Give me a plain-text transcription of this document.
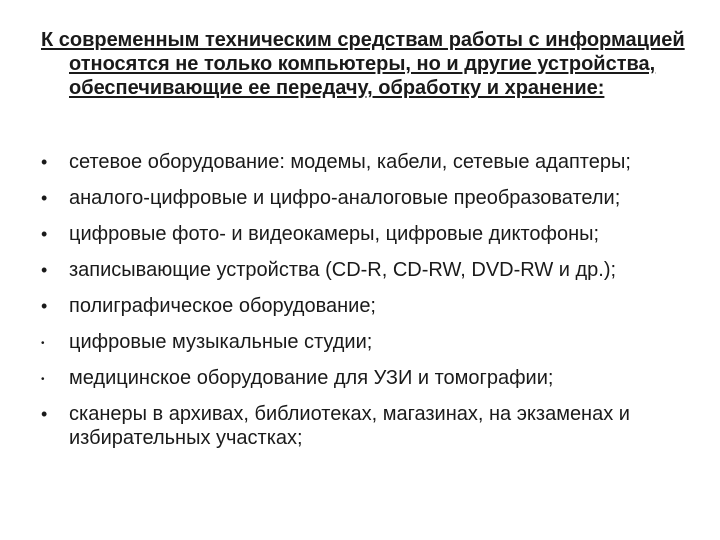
К современным техническим средствам работы с информацией относятся не только компьютеры, но и другие устройства, обеспечивающие ее передачу, обработку и хранение:

•	сетевое оборудование: модемы, кабели, сетевые адаптеры;
•	аналого-цифровые и цифро-аналоговые преобразователи;
•	цифровые фото- и видеокамеры, цифровые диктофоны;
•	записывающие устройства (CD-R, CD-RW, DVD-RW и др.);
•	полиграфическое оборудование;
•	цифровые музыкальные студии;
•	медицинское оборудование для УЗИ и томографии;
•	сканеры в архивах, библиотеках, магазинах, на экзаменах и избирательных участках;
